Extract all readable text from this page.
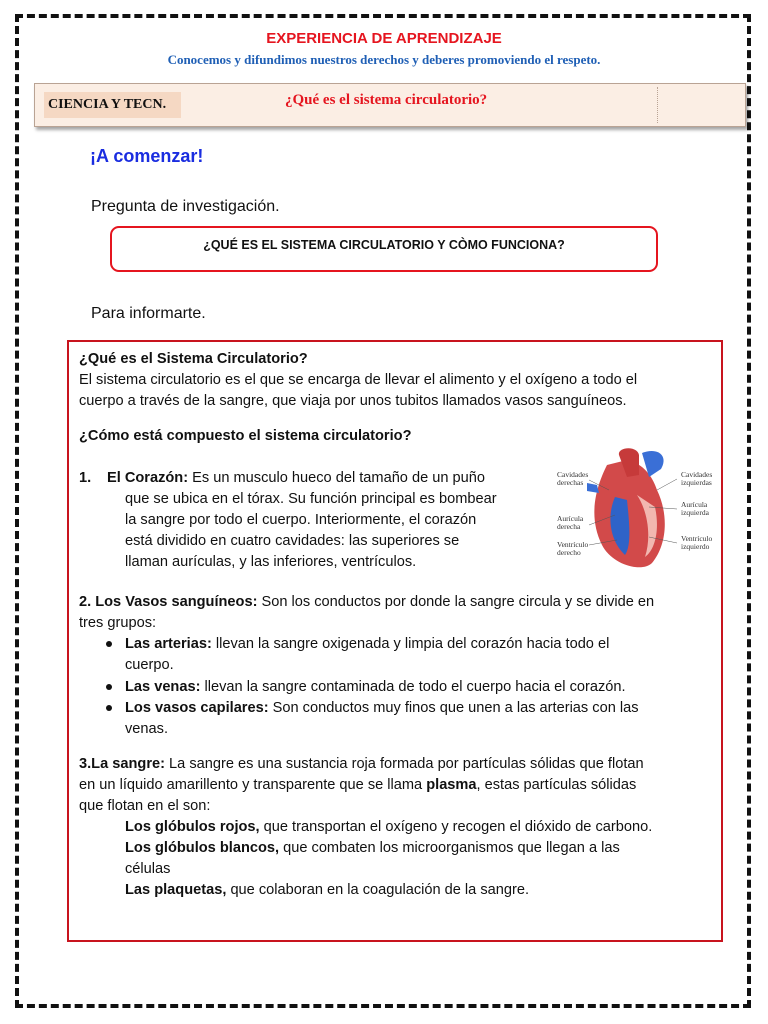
EXPERIENCIA DE APRENDIZAJE
Conocemos y difundimos nuestros derechos y deberes promoviendo el respeto.
CIENCIA Y TECN.	¿Qué es el sistema circulatorio?
¡A comenzar!
Pregunta de investigación.
¿QUÉ ES EL SISTEMA CIRCULATORIO Y CÒMO FUNCIONA?
Para informarte.
¿Qué es el Sistema Circulatorio?
El sistema circulatorio es el que se encarga de llevar el alimento y el oxígeno a todo el
cuerpo a través de la sangre, que viaja por unos tubitos llamados vasos sanguíneos.
¿Cómo está compuesto el sistema circulatorio?
1. El Corazón: Es un musculo hueco del tamaño de un puño
que se ubica en el tórax. Su función principal es bombear
la sangre por todo el cuerpo. Interiormente, el corazón
está dividido en cuatro cavidades: las superiores se
llaman aurículas, y las inferiores, ventrículos.
Cavidades derechas
Cavidades izquierdas
Aurícula izquierda
Aurícula derecha
Ventrículo izquierdo
Ventrículo derecho
2. Los Vasos sanguíneos: Son los conductos por donde la sangre circula y se divide en
tres grupos:
Las arterias: llevan la sangre oxigenada y limpia del corazón hacia todo el
cuerpo.
Las venas: llevan la sangre contaminada de todo el cuerpo hacia el corazón.
Los vasos capilares: Son conductos muy finos que unen a las arterias con las
venas.
3.La sangre: La sangre es una sustancia roja formada por partículas sólidas que flotan
en un líquido amarillento y transparente que se llama plasma, estas partículas sólidas
que flotan en el son:
Los glóbulos rojos, que transportan el oxígeno y recogen el dióxido de carbono.
Los glóbulos blancos, que combaten los microorganismos que llegan a las
células
Las plaquetas, que colaboran en la coagulación de la sangre.
